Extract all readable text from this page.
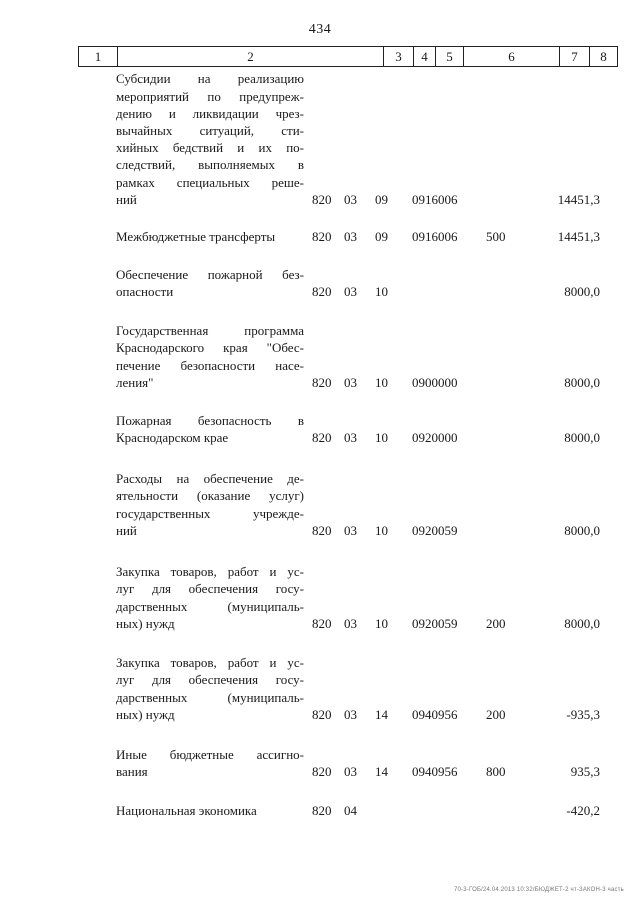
434
1	2	3	4	5	6	7	8
Субсидии на реализацию
мероприятий по предупреж-
дению и ликвидации чрез-
вычайных ситуаций, сти-
хийных бедствий и их по-
следствий, выполняемых в
рамках специальных реше-
ний	820 03 09 0916006	14451,3
Межбюджетные трансферты	820 03 09 0916006 500	14451,3
Обеспечение пожарной без-
опасности	820 03 10	8000,0
Государственная программа
Краснодарского края "Обес-
печение безопасности насе-
ления"	820 03 10 0900000	8000,0
Пожарная безопасность в
Краснодарском крае	820 03 10 0920000	8000,0
Расходы на обеспечение де-
ятельности (оказание услуг)
государственных учрежде-
ний	820 03 10 0920059	8000,0
Закупка товаров, работ и ус-
луг для обеспечения госу-
дарственных (муниципаль-
ных) нужд	820 03 10 0920059 200	8000,0
Закупка товаров, работ и ус-
луг для обеспечения госу-
дарственных (муниципаль-
ных) нужд	820 03 14 0940956 200	-935,3
Иные бюджетные ассигно-
вания	820 03 14 0940956 800	935,3
Национальная экономика	820 04	-420,2
70-3-ГОБ/24.04.2013 10:32/БЮДЖЕТ-2 чт-ЗАКОН-3 часть
